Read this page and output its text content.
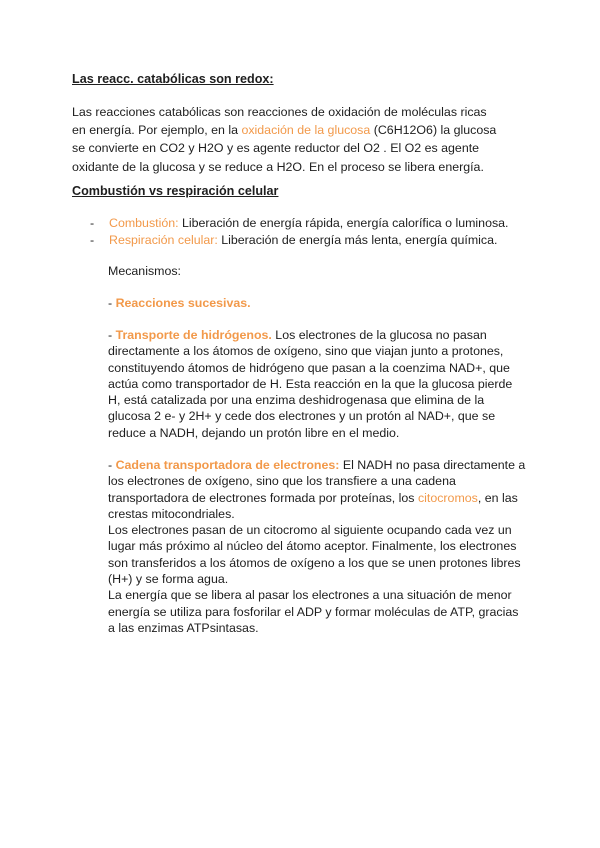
Las reacc. catabólicas son redox:
Las reacciones catabólicas son reacciones de oxidación de moléculas ricas en energía. Por ejemplo, en la oxidación de la glucosa (C6H12O6) la glucosa se convierte en CO2 y H2O y es agente reductor del O2 . El O2 es agente oxidante de la glucosa y se reduce a H2O. En el proceso se libera energía.
Combustión vs respiración celular
- Combustión: Liberación de energía rápida, energía calorífica o luminosa.
- Respiración celular: Liberación de energía más lenta, energía química.
Mecanismos:
- Reacciones sucesivas.
- Transporte de hidrógenos. Los electrones de la glucosa no pasan directamente a los átomos de oxígeno, sino que viajan junto a protones, constituyendo átomos de hidrógeno que pasan a la coenzima NAD+, que actúa como transportador de H. Esta reacción en la que la glucosa pierde H, está catalizada por una enzima deshidrogenasa que elimina de la glucosa 2 e- y 2H+ y cede dos electrones y un protón al NAD+, que se reduce a NADH, dejando un protón libre en el medio.
- Cadena transportadora de electrones: El NADH no pasa directamente a los electrones de oxígeno, sino que los transfiere a una cadena transportadora de electrones formada por proteínas, los citocromos, en las crestas mitocondriales.
Los electrones pasan de un citocromo al siguiente ocupando cada vez un lugar más próximo al núcleo del átomo aceptor. Finalmente, los electrones son transferidos a los átomos de oxígeno a los que se unen protones libres (H+) y se forma agua.
La energía que se libera al pasar los electrones a una situación de menor energía se utiliza para fosforilar el ADP y formar moléculas de ATP, gracias a las enzimas ATPsintasas.
